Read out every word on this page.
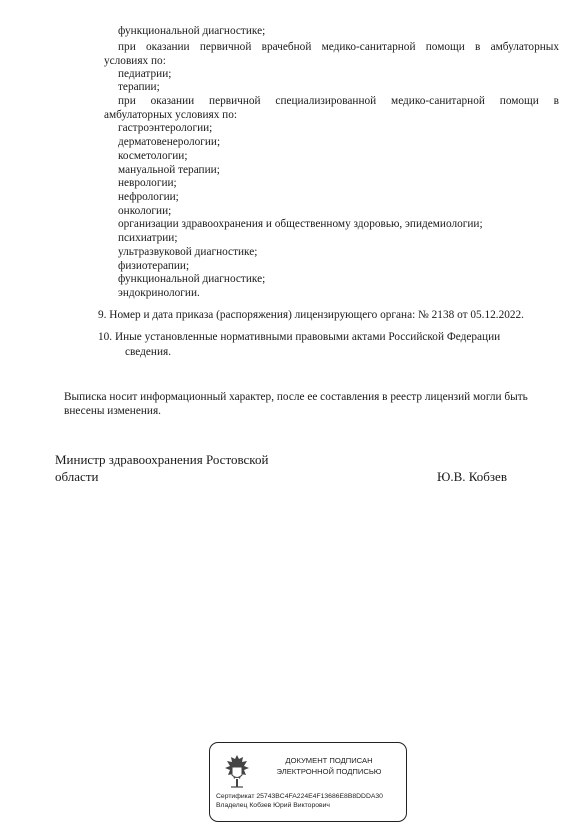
функциональной диагностике;
при оказании первичной врачебной медико-санитарной помощи в амбулаторных
условиях по:
педиатрии;
терапии;
при оказании первичной специализированной медико-санитарной помощи в
амбулаторных условиях по:
гастроэнтерологии;
дерматовенерологии;
косметологии;
мануальной терапии;
неврологии;
нефрологии;
онкологии;
организации здравоохранения и общественному здоровью, эпидемиологии;
психиатрии;
ультразвуковой диагностике;
физиотерапии;
функциональной диагностике;
эндокринологии.
9. Номер и дата приказа (распоряжения) лицензирующего органа: № 2138 от 05.12.2022.
10. Иные установленные нормативными правовыми актами Российской Федерации
сведения.
Выписка носит информационный характер, после ее составления в реестр лицензий могли быть
внесены изменения.
Министр здравоохранения Ростовской
области	Ю.В. Кобзев
ДОКУМЕНТ ПОДПИСАН
ЭЛЕКТРОННОЙ ПОДПИСЬЮ
Сертификат 25743BC4FA224E4F13686E8B8DDDA30
Владелец Кобзев Юрий Викторович
